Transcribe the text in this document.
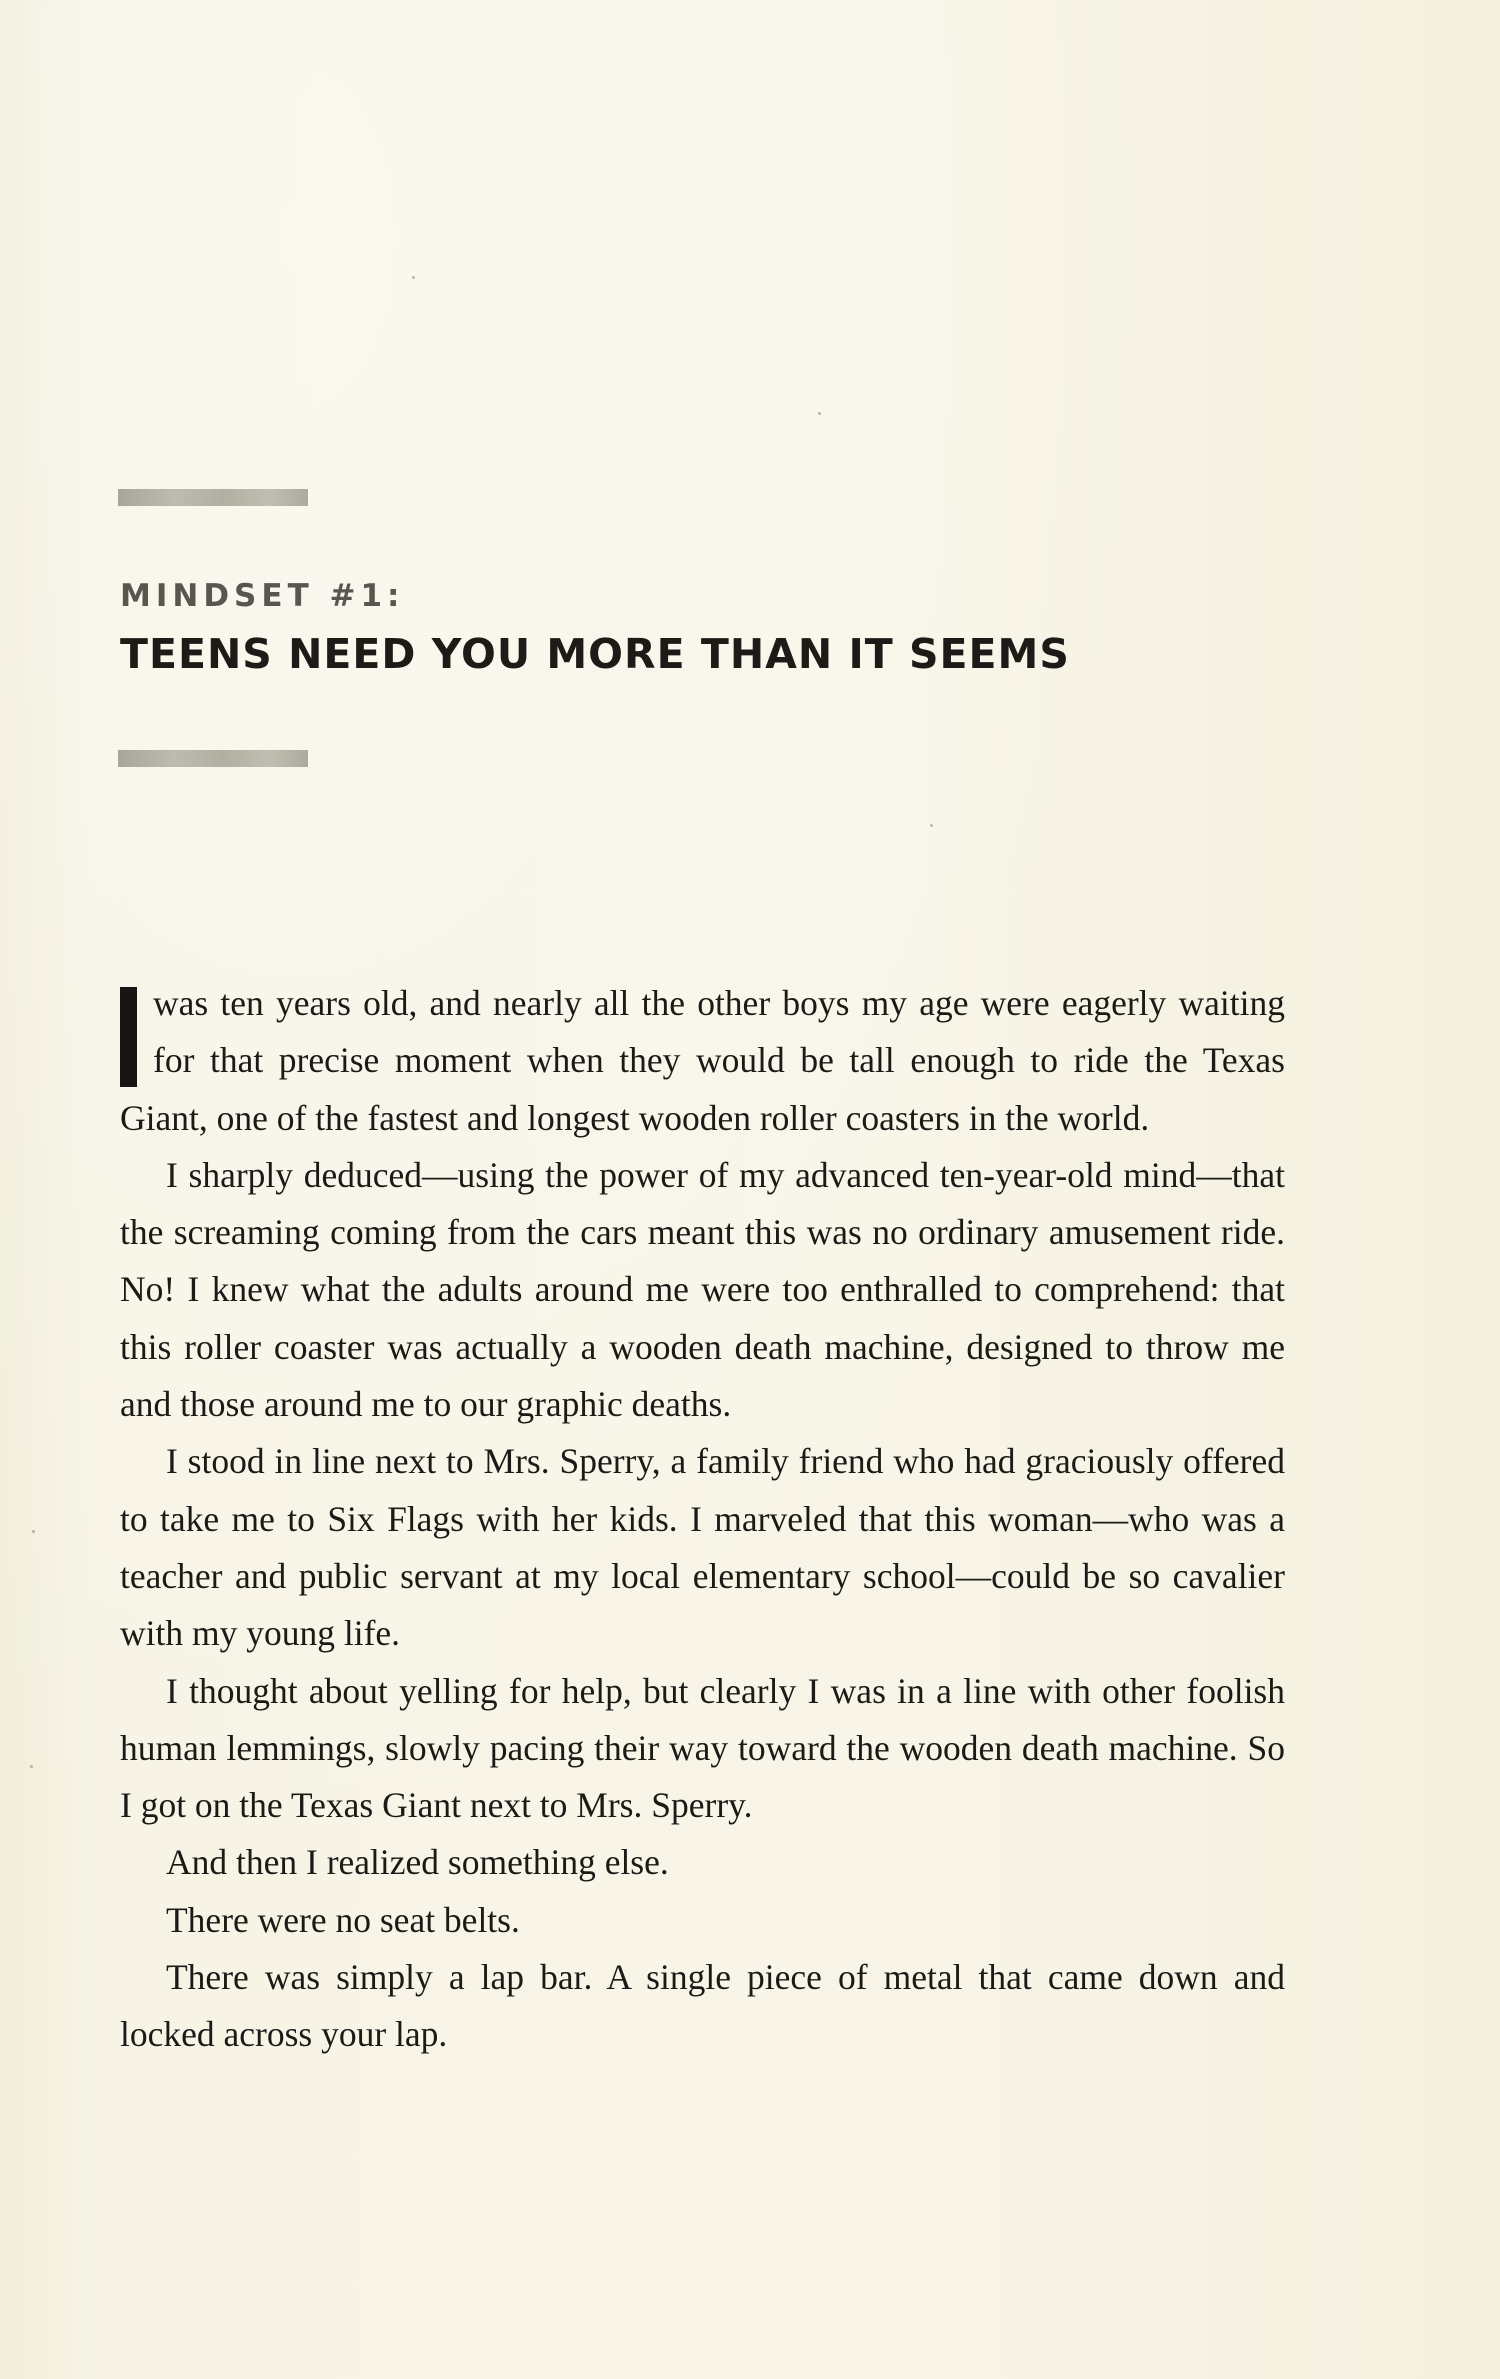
MINDSET #1:
TEENS NEED YOU MORE THAN IT SEEMS

was ten years old, and nearly all the other boys my age were eagerly waiting for that precise moment when they would be tall enough to ride the Texas Giant, one of the fastest and longest wooden roller coasters in the world.

I sharply deduced—using the power of my advanced ten-year-old mind—that the screaming coming from the cars meant this was no ordinary amusement ride. No! I knew what the adults around me were too enthralled to comprehend: that this roller coaster was actually a wooden death machine, designed to throw me and those around me to our graphic deaths.

I stood in line next to Mrs. Sperry, a family friend who had graciously offered to take me to Six Flags with her kids. I marveled that this woman—who was a teacher and public servant at my local elementary school—could be so cavalier with my young life.

I thought about yelling for help, but clearly I was in a line with other foolish human lemmings, slowly pacing their way toward the wooden death machine. So I got on the Texas Giant next to Mrs. Sperry.

And then I realized something else.

There were no seat belts.

There was simply a lap bar. A single piece of metal that came down and locked across your lap.
